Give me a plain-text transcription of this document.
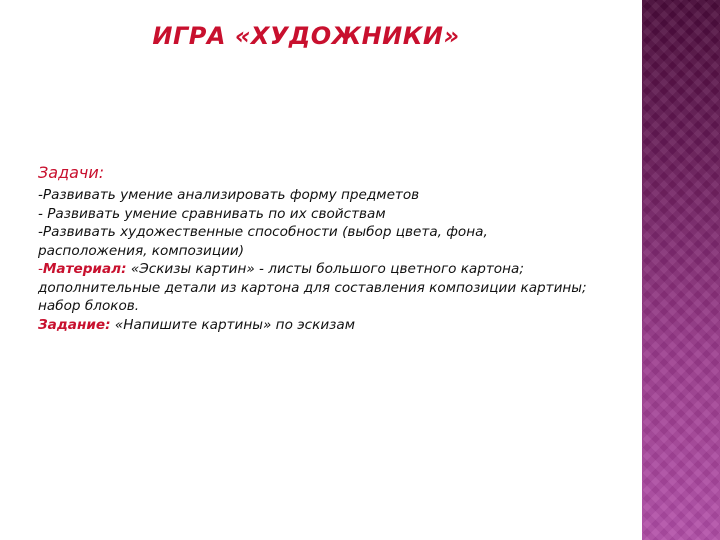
ИГРА «ХУДОЖНИКИ»
Задачи:
-Развивать умение анализировать форму предметов
- Развивать умение сравнивать по их свойствам
-Развивать художественные способности (выбор цвета, фона, расположения, композиции)
-Материал: «Эскизы картин» - листы большого цветного картона; дополнительные детали из картона для составления композиции картины; набор блоков.
Задание: «Напишите картины» по эскизам
